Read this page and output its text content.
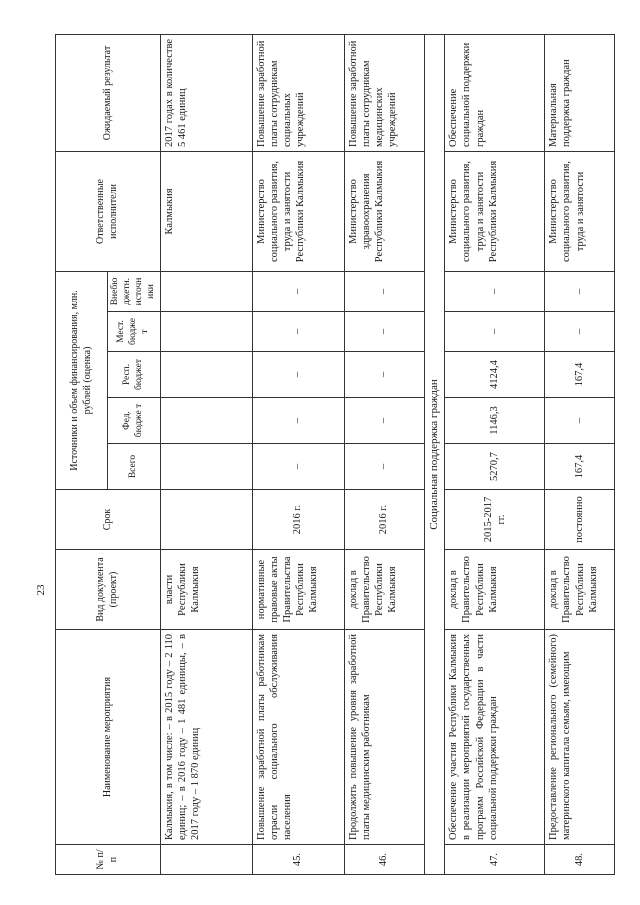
23
№ п/п	Наименование мероприятия	Вид документа (проект)	Срок	Источники и объем финансирования, млн. рублей (оценка)					Ответственные исполнители	Ожидаемый результат
				Всего	Фед. бюдже т	Респ. бюджет	Мест. бюдже т	Внебю джетн. источн ики		
	Калмыкия, в том числе: – в 2015 году – 2 110 единиц; – в 2016 году – 1 481 единицы, – в 2017 году – 1 870 единиц	власти Республики Калмыкия							Калмыкия	2017 годах в количестве 5 461 единиц
45.	Повышение заработной платы работникам отрасли социального обслуживания населения	нормативные правовые акты Правительства Республики Калмыкия	2016 г.	–	–	–	–	–	Министерство социального развития, труда и занятости Республики Калмыкия	Повышение заработной платы сотрудникам социальных учреждений
46.	Продолжить повышение уровня заработной платы медицинским работникам	доклад в Правительство Республики Калмыкия	2016 г.	–	–	–	–	–	Министерство здравоохранения Республики Калмыкия	Повышение заработной платы сотрудникам медицинских учреждений
Социальная поддержка граждан										
47.	Обеспечение участия Республики Калмыкия в реализации мероприятий государственных программ Российской Федерации в части социальной поддержки граждан	доклад в Правительство Республики Калмыкия	2015-2017 гг.	5270,7	1146,3	4124,4	–	–	Министерство социального развития, труда и занятости Республики Калмыкия	Обеспечение социальной поддержки граждан
48.	Предоставление регионального (семейного) материнского капитала семьям, имеющим	доклад в Правительство Республики Калмыкия	постоянно	167,4	–	167,4	–	–	Министерство социального развития, труда и занятости	Материальная поддержка граждан
